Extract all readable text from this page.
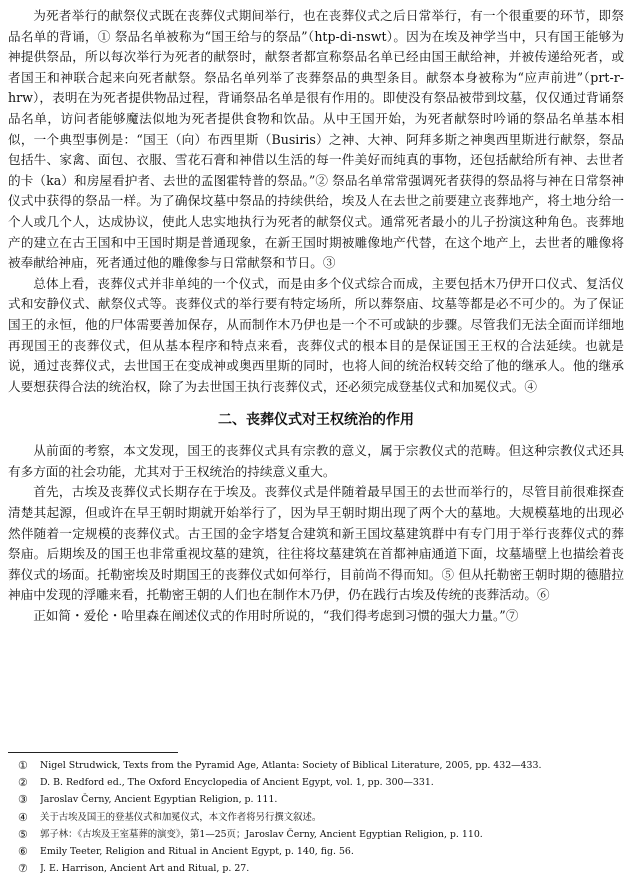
为死者举行的献祭仪式既在丧葬仪式期间举行，也在丧葬仪式之后日常举行，有一个很重要的环节，即祭品名单的背诵，① 祭品名单被称为“国王给与的祭品”（htp-di-nswt）。因为在埃及神学当中，只有国王能够为神提供祭品，所以每次举行为死者的献祭时，献祭者都宣称祭品名单已经由国王献给神，并被传递给死者，或者国王和神联合起来向死者献祭。祭品名单列举了丧葬祭品的典型条目。献祭本身被称为“应声前进”（prt-r-hrw），表明在为死者提供物品过程，背诵祭品名单是很有作用的。即使没有祭品被带到坟墓，仅仅通过背诵祭品名单，访问者能够魔法似地为死者提供食物和饮品。从中王国开始，为死者献祭时吟诵的祭品名单基本相似，一个典型事例是：“国王（向）布西里斯（Busiris）之神、大神、阿拜多斯之神奥西里斯进行献祭，祭品包括牛、家禽、面包、衣服、雪花石膏和神借以生活的每一件美好而纯真的事物，还包括献给所有神、去世者的卡（ka）和房屋看护者、去世的孟图霍特普的祭品。”② 祭品名单常常强调死者获得的祭品将与神在日常祭神仪式中获得的祭品一样。为了确保坟墓中祭品的持续供给，埃及人在去世之前要建立丧葬地产，将土地分给一个人或几个人，达成协议，使此人忠实地执行为死者的献祭仪式。通常死者最小的儿子扮演这种角色。丧葬地产的建立在古王国和中王国时期是普通现象，在新王国时期被雕像地产代替，在这个地产上，去世者的雕像将被奉献给神庙，死者通过他的雕像参与日常献祭和节日。③

总体上看，丧葬仪式并非单纯的一个仪式，而是由多个仪式综合而成，主要包括木乃伊开口仪式、复活仪式和安静仪式、献祭仪式等。丧葬仪式的举行要有特定场所，所以葬祭庙、坟墓等都是必不可少的。为了保证国王的永恒，他的尸体需要善加保存，从而制作木乃伊也是一个不可或缺的步骤。尽管我们无法全面而详细地再现国王的丧葬仪式，但从基本程序和特点来看，丧葬仪式的根本目的是保证国王王权的合法延续。也就是说，通过丧葬仪式，去世国王在变成神或奥西里斯的同时，也将人间的统治权转交给了他的继承人。他的继承人要想获得合法的统治权，除了为去世国王执行丧葬仪式，还必须完成登基仪式和加冕仪式。④

二、丧葬仪式对王权统治的作用

从前面的考察，本文发现，国王的丧葬仪式具有宗教的意义，属于宗教仪式的范畴。但这种宗教仪式还具有多方面的社会功能，尤其对于王权统治的持续意义重大。

首先，古埃及丧葬仪式长期存在于埃及。丧葬仪式是伴随着最早国王的去世而举行的，尽管目前很难探查清楚其起源，但或许在早王朝时期就开始举行了，因为早王朝时期出现了两个大的墓地。大规模墓地的出现必然伴随着一定规模的丧葬仪式。古王国的金字塔复合建筑和新王国坟墓建筑群中有专门用于举行丧葬仪式的葬祭庙。后期埃及的国王也非常重视坟墓的建筑，往往将坟墓建筑在首都神庙通道下面，坟墓墙壁上也描绘着丧葬仪式的场面。托勒密埃及时期国王的丧葬仪式如何举行，目前尚不得而知。⑤ 但从托勒密王朝时期的德腊拉神庙中发现的浮雕来看，托勒密王朝的人们也在制作木乃伊，仍在践行古埃及传统的丧葬活动。⑥

正如简・爱伦・哈里森在阐述仪式的作用时所说的，“我们得考虑到习惯的强大力量。”⑦

①	Nigel Strudwick, Texts from the Pyramid Age, Atlanta: Society of Biblical Literature, 2005, pp. 432—433.
②	D. B. Redford ed., The Oxford Encyclopedia of Ancient Egypt, vol. 1, pp. 300—331.
③	Jaroslav Černy, Ancient Egyptian Religion, p. 111.
④	关于古埃及国王的登基仪式和加冕仪式，本文作者将另行撰文叙述。
⑤	郭子林：《古埃及王室墓葬的演变》，第1—25页；Jaroslav Černy, Ancient Egyptian Religion, p. 110.
⑥	Emily Teeter, Religion and Ritual in Ancient Egypt, p. 140, fig. 56.
⑦	J. E. Harrison, Ancient Art and Ritual, p. 27.
